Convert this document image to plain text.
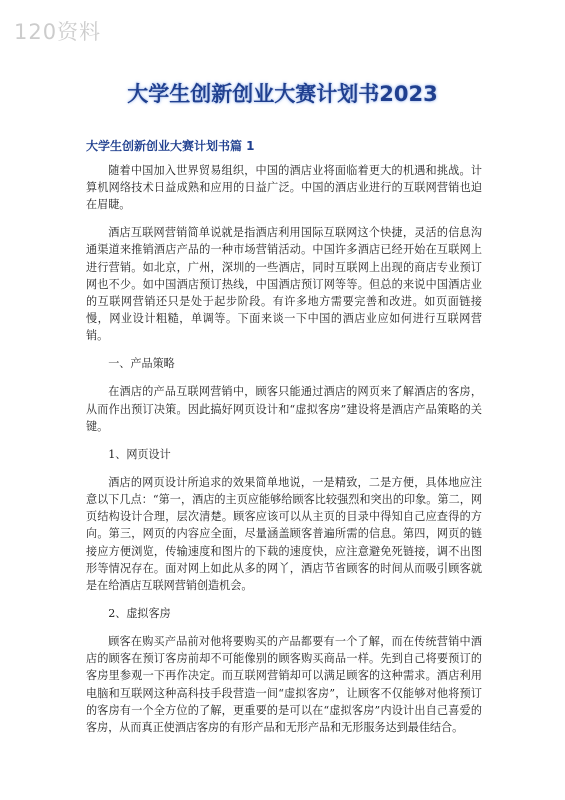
120资料
大学生创新创业大赛计划书2023
大学生创新创业大赛计划书篇 1

随着中国加入世界贸易组织，中国的酒店业将面临着更大的机遇和挑战。计算机网络技术日益成熟和应用的日益广泛。中国的酒店业进行的互联网营销也迫在眉睫。

酒店互联网营销简单说就是指酒店利用国际互联网这个快捷，灵活的信息沟通渠道来推销酒店产品的一种市场营销活动。中国许多酒店已经开始在互联网上进行营销。如北京，广州，深圳的一些酒店，同时互联网上出现的商店专业预订网也不少。如中国酒店预订热线，中国酒店预订网等等。但总的来说中国酒店业的互联网营销还只是处于起步阶段。有许多地方需要完善和改进。如页面链接慢，网业设计粗糙，单调等。下面来谈一下中国的酒店业应如何进行互联网营销。

一、产品策略

在酒店的产品互联网营销中，顾客只能通过酒店的网页来了解酒店的客房，从而作出预订决策。因此搞好网页设计和“虚拟客房”建设将是酒店产品策略的关键。

1、网页设计

酒店的网页设计所追求的效果简单地说，一是精致，二是方便，具体地应注意以下几点：“第一，酒店的主页应能够给顾客比较强烈和突出的印象。第二，网页结构设计合理，层次清楚。顾客应该可以从主页的目录中得知自己应查得的方向。第三，网页的内容应全面，尽量涵盖顾客普遍所需的信息。第四，网页的链接应方便浏览，传输速度和图片的下载的速度快，应注意避免死链接，调不出图形等情况存在。面对网上如此从多的网丫，酒店节省顾客的时间从而吸引顾客就是在给酒店互联网营销创造机会。

2、虚拟客房

顾客在购买产品前对他将要购买的产品都要有一个了解，而在传统营销中酒店的顾客在预订客房前却不可能像别的顾客购买商品一样。先到自己将要预订的客房里参观一下再作决定。而互联网营销却可以满足顾客的这种需求。酒店利用电脑和互联网这种高科技手段营造一间“虚拟客房”，让顾客不仅能够对他将预订的客房有一个全方位的了解，更重要的是可以在“虚拟客房”内设计出自己喜爱的客房，从而真正使酒店客房的有形产品和无形产品和无形服务达到最佳结合。
